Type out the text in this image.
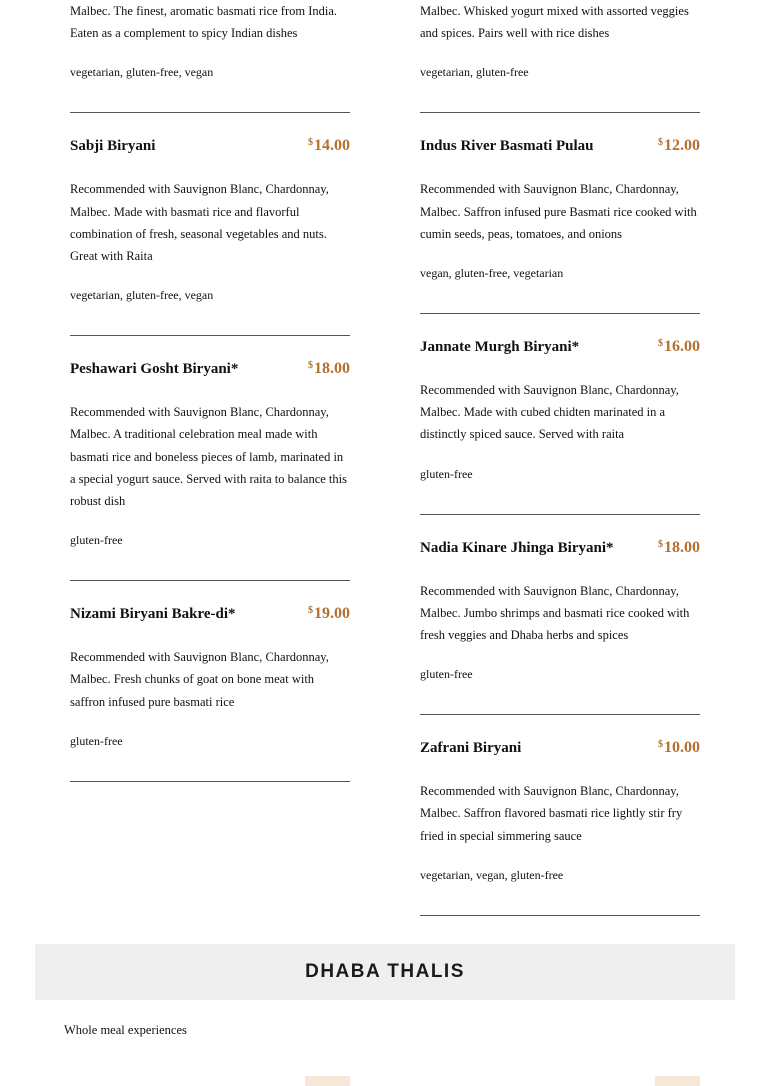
Malbec. The finest, aromatic basmati rice from India. Eaten as a complement to spicy Indian dishes

vegetarian, gluten-free, vegan

Sabji Biryani	$14.00

Recommended with Sauvignon Blanc, Chardonnay, Malbec. Made with basmati rice and flavorful combination of fresh, seasonal vegetables and nuts. Great with Raita

vegetarian, gluten-free, vegan

Peshawari Gosht Biryani*	$18.00

Recommended with Sauvignon Blanc, Chardonnay, Malbec. A traditional celebration meal made with basmati rice and boneless pieces of lamb, marinated in a special yogurt sauce. Served with raita to balance this robust dish

gluten-free

Nizami Biryani Bakre-di*	$19.00

Recommended with Sauvignon Blanc, Chardonnay, Malbec. Fresh chunks of goat on bone meat with saffron infused pure basmati rice

gluten-free

Malbec. Whisked yogurt mixed with assorted veggies and spices. Pairs well with rice dishes

vegetarian, gluten-free

Indus River Basmati Pulau	$12.00

Recommended with Sauvignon Blanc, Chardonnay, Malbec. Saffron infused pure Basmati rice cooked with cumin seeds, peas, tomatoes, and onions

vegan, gluten-free, vegetarian

Jannate Murgh Biryani*	$16.00

Recommended with Sauvignon Blanc, Chardonnay, Malbec. Made with cubed chidten marinated in a distinctly spiced sauce. Served with raita

gluten-free

Nadia Kinare Jhinga Biryani*	$18.00

Recommended with Sauvignon Blanc, Chardonnay, Malbec. Jumbo shrimps and basmati rice cooked with fresh veggies and Dhaba herbs and spices

gluten-free

Zafrani Biryani	$10.00

Recommended with Sauvignon Blanc, Chardonnay, Malbec. Saffron flavored basmati rice lightly stir fry fried in special simmering sauce

vegetarian, vegan, gluten-free

DHABA THALIS
Whole meal experiences
